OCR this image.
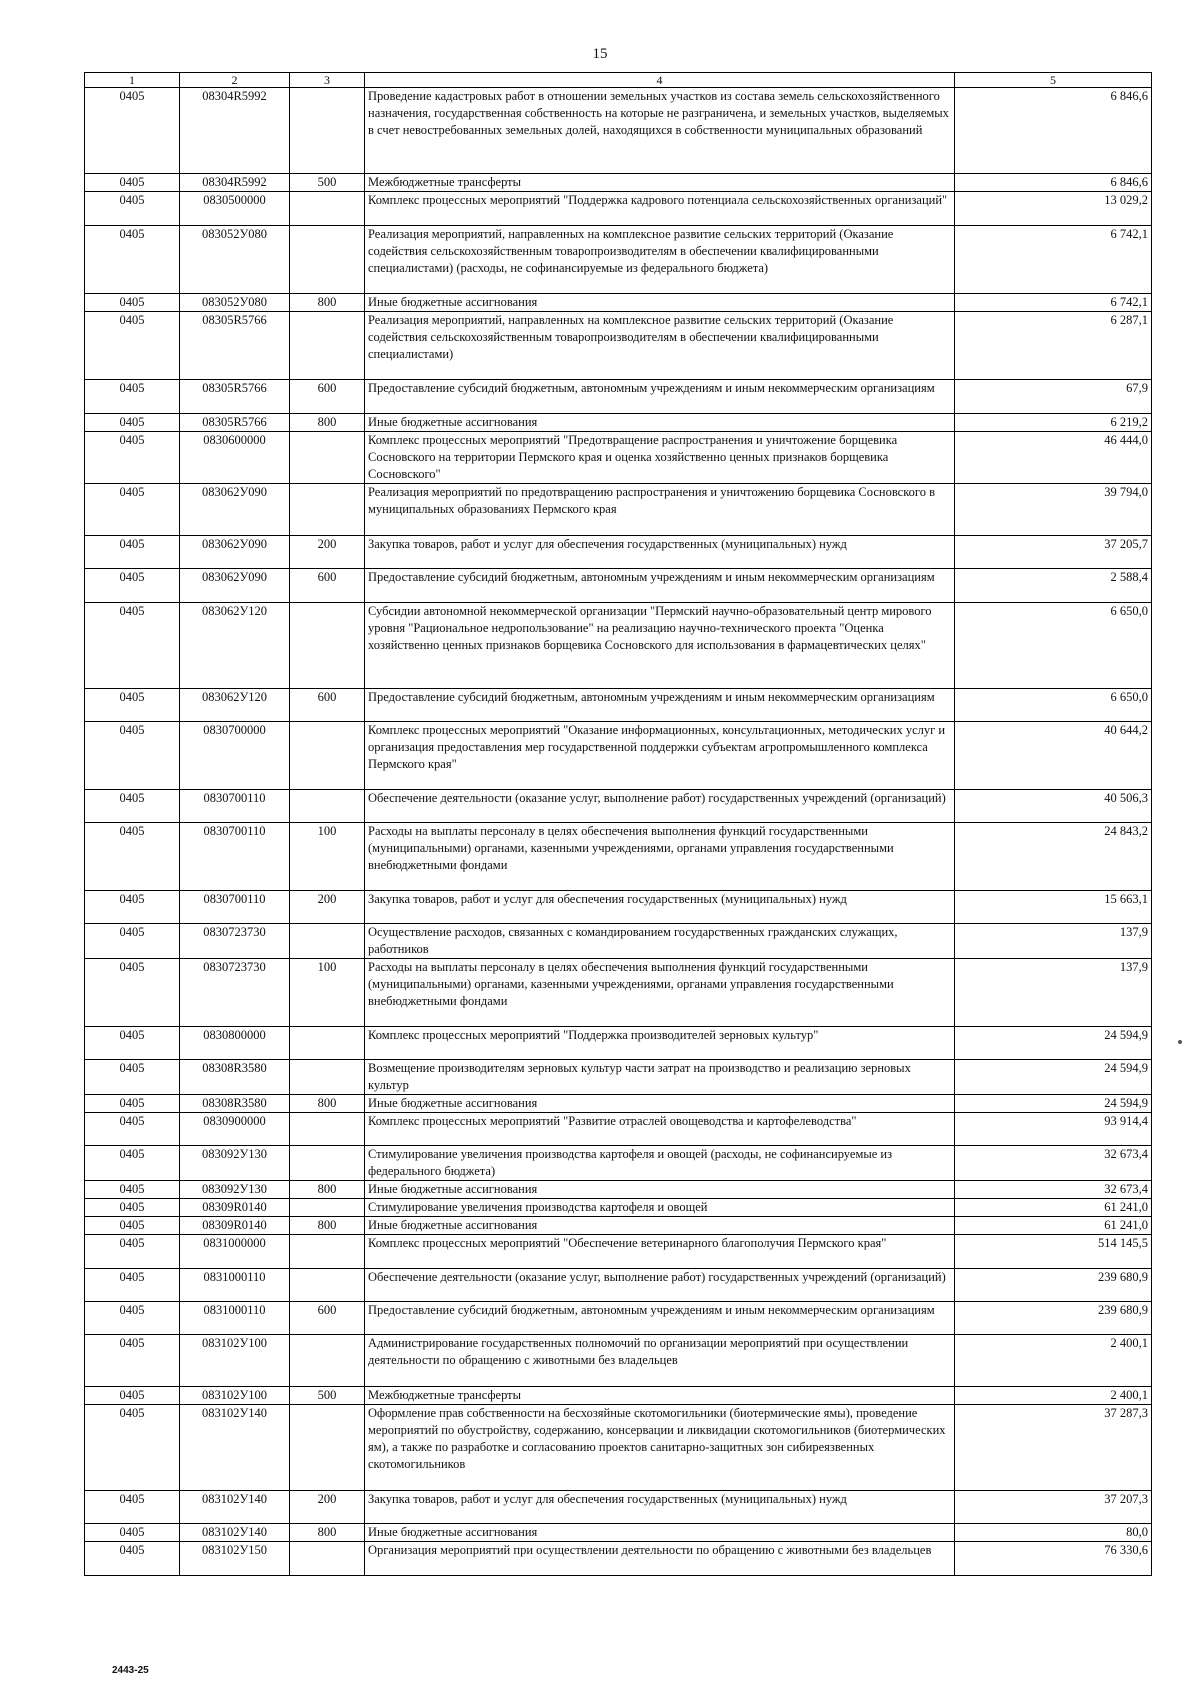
15
1	2	3	4	5
0405	08304R5992		Проведение кадастровых работ в отношении земельных участков из состава земель сельскохозяйственного назначения, государственная собственность на которые не разграничена, и земельных участков, выделяемых в счет невостребованных земельных долей, находящихся в собственности муниципальных образований	6 846,6
0405	08304R5992	500	Межбюджетные трансферты	6 846,6
0405	0830500000		Комплекс процессных мероприятий "Поддержка кадрового потенциала сельскохозяйственных организаций"	13 029,2
0405	083052У080		Реализация мероприятий, направленных на комплексное развитие сельских территорий (Оказание содействия сельскохозяйственным товаропроизводителям в обеспечении квалифицированными специалистами) (расходы, не софинансируемые из федерального бюджета)	6 742,1
0405	083052У080	800	Иные бюджетные ассигнования	6 742,1
0405	08305R5766		Реализация мероприятий, направленных на комплексное развитие сельских территорий (Оказание содействия сельскохозяйственным товаропроизводителям в обеспечении квалифицированными специалистами)	6 287,1
0405	08305R5766	600	Предоставление субсидий бюджетным, автономным учреждениям и иным некоммерческим организациям	67,9
0405	08305R5766	800	Иные бюджетные ассигнования	6 219,2
0405	0830600000		Комплекс процессных мероприятий "Предотвращение распространения и уничтожение борщевика Сосновского на территории Пермского края и оценка хозяйственно ценных признаков борщевика Сосновского"	46 444,0
0405	083062У090		Реализация мероприятий по предотвращению распространения и уничтожению борщевика Сосновского в муниципальных образованиях Пермского края	39 794,0
0405	083062У090	200	Закупка товаров, работ и услуг для обеспечения государственных (муниципальных) нужд	37 205,7
0405	083062У090	600	Предоставление субсидий бюджетным, автономным учреждениям и иным некоммерческим организациям	2 588,4
0405	083062У120		Субсидии автономной некоммерческой организации "Пермский научно-образовательный центр мирового уровня "Рациональное недропользование" на реализацию научно-технического проекта "Оценка хозяйственно ценных признаков борщевика Сосновского для использования в фармацевтических целях"	6 650,0
0405	083062У120	600	Предоставление субсидий бюджетным, автономным учреждениям и иным некоммерческим организациям	6 650,0
0405	0830700000		Комплекс процессных мероприятий "Оказание информационных, консультационных, методических услуг и организация предоставления мер государственной поддержки субъектам агропромышленного комплекса Пермского края"	40 644,2
0405	0830700110		Обеспечение деятельности (оказание услуг, выполнение работ) государственных учреждений (организаций)	40 506,3
0405	0830700110	100	Расходы на выплаты персоналу в целях обеспечения выполнения функций государственными (муниципальными) органами, казенными учреждениями, органами управления государственными внебюджетными фондами	24 843,2
0405	0830700110	200	Закупка товаров, работ и услуг для обеспечения государственных (муниципальных) нужд	15 663,1
0405	0830723730		Осуществление расходов, связанных с командированием государственных гражданских служащих, работников	137,9
0405	0830723730	100	Расходы на выплаты персоналу в целях обеспечения выполнения функций государственными (муниципальными) органами, казенными учреждениями, органами управления государственными внебюджетными фондами	137,9
0405	0830800000		Комплекс процессных мероприятий "Поддержка производителей зерновых культур"	24 594,9
0405	08308R3580		Возмещение производителям зерновых культур части затрат на производство и реализацию зерновых культур	24 594,9
0405	08308R3580	800	Иные бюджетные ассигнования	24 594,9
0405	0830900000		Комплекс процессных мероприятий "Развитие отраслей овощеводства и картофелеводства"	93 914,4
0405	083092У130		Стимулирование увеличения производства картофеля и овощей (расходы, не софинансируемые из федерального бюджета)	32 673,4
0405	083092У130	800	Иные бюджетные ассигнования	32 673,4
0405	08309R0140		Стимулирование увеличения производства картофеля и овощей	61 241,0
0405	08309R0140	800	Иные бюджетные ассигнования	61 241,0
0405	0831000000		Комплекс процессных мероприятий "Обеспечение ветеринарного благополучия Пермского края"	514 145,5
0405	0831000110		Обеспечение деятельности (оказание услуг, выполнение работ) государственных учреждений (организаций)	239 680,9
0405	0831000110	600	Предоставление субсидий бюджетным, автономным учреждениям и иным некоммерческим организациям	239 680,9
0405	083102У100		Администрирование государственных полномочий по организации мероприятий при осуществлении деятельности по обращению с животными без владельцев	2 400,1
0405	083102У100	500	Межбюджетные трансферты	2 400,1
0405	083102У140		Оформление прав собственности на бесхозяйные скотомогильники (биотермические ямы), проведение мероприятий по обустройству, содержанию, консервации и ликвидации скотомогильников (биотермических ям), а также по разработке и согласованию проектов санитарно-защитных зон сибиреязвенных скотомогильников	37 287,3
0405	083102У140	200	Закупка товаров, работ и услуг для обеспечения государственных (муниципальных) нужд	37 207,3
0405	083102У140	800	Иные бюджетные ассигнования	80,0
0405	083102У150		Организация мероприятий при осуществлении деятельности по обращению с животными без владельцев	76 330,6
2443-25
